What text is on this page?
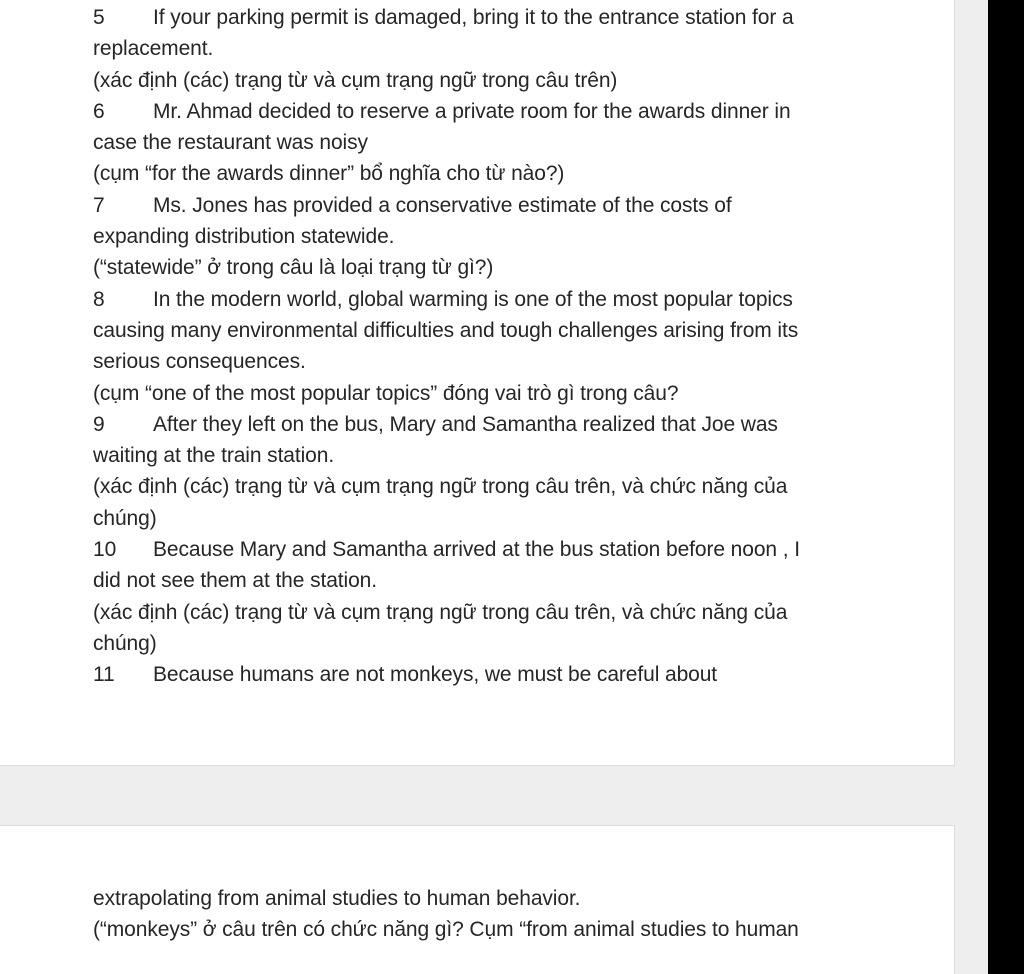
5 If your parking permit is damaged, bring it to the entrance station for a

replacement.

(xác định (các) trạng từ và cụm trạng ngữ trong câu trên)

6 Mr. Ahmad decided to reserve a private room for the awards dinner in

case the restaurant was noisy

(cụm “for the awards dinner” bổ nghĩa cho từ nào?)

7 Ms. Jones has provided a conservative estimate of the costs of

expanding distribution statewide.

(“statewide” ở trong câu là loại trạng từ gì?)

8 In the modern world, global warming is one of the most popular topics

causing many environmental difficulties and tough challenges arising from its

serious consequences.

(cụm “one of the most popular topics” đóng vai trò gì trong câu?

9 After they left on the bus, Mary and Samantha realized that Joe was

waiting at the train station.

(xác định (các) trạng từ và cụm trạng ngữ trong câu trên, và chức năng của

chúng)

10 Because Mary and Samantha arrived at the bus station before noon , I

did not see them at the station.

(xác định (các) trạng từ và cụm trạng ngữ trong câu trên, và chức năng của

chúng)

11 Because humans are not monkeys, we must be careful about

extrapolating from animal studies to human behavior.

(“monkeys” ở câu trên có chức năng gì? Cụm “from animal studies to human
